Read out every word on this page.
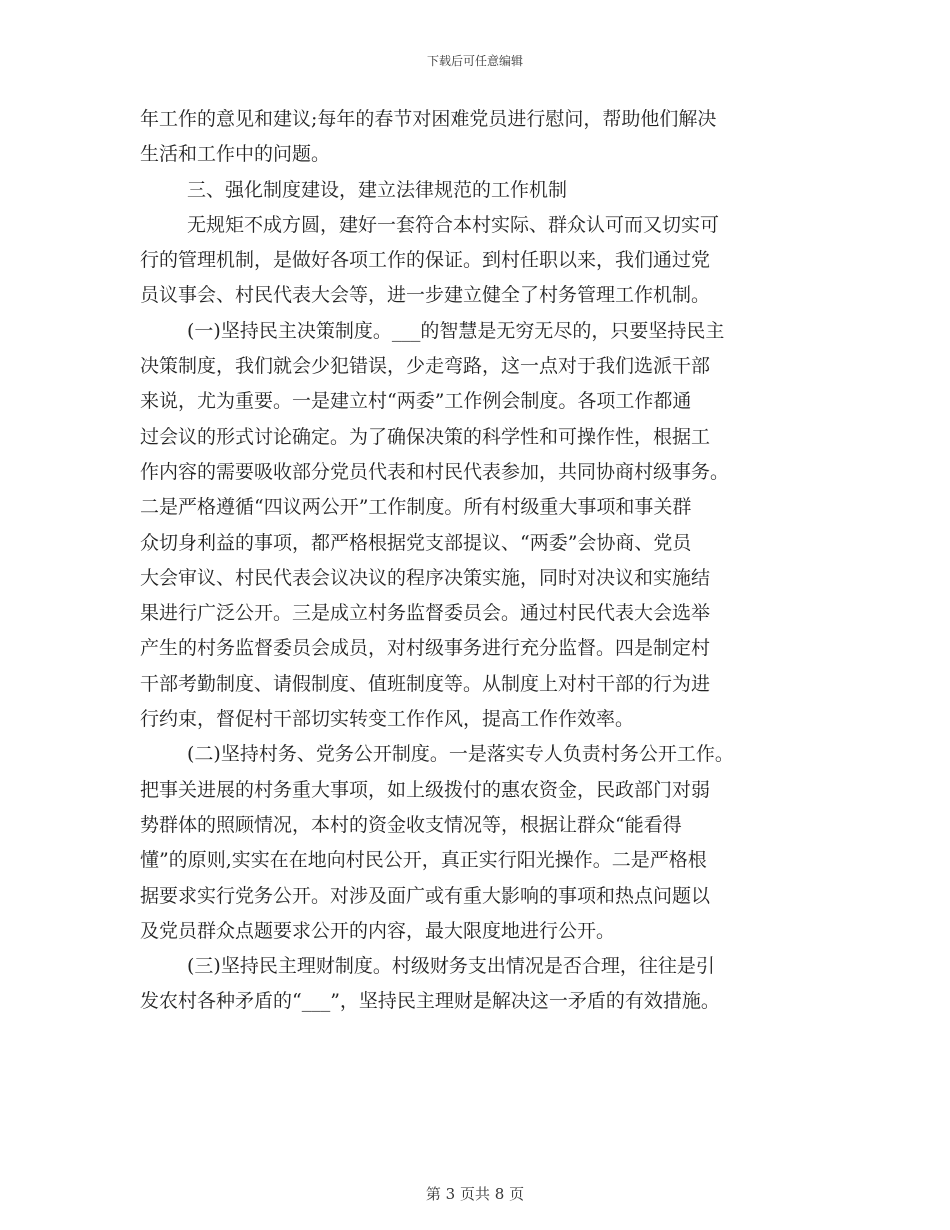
下载后可任意编辑
年工作的意见和建议;每年的春节对困难党员进行慰问，帮助他们解决
生活和工作中的问题。
三、强化制度建设，建立法律规范的工作机制
无规矩不成方圆，建好一套符合本村实际、群众认可而又切实可
行的管理机制，是做好各项工作的保证。到村任职以来，我们通过党
员议事会、村民代表大会等，进一步建立健全了村务管理工作机制。
(一)坚持民主决策制度。___的智慧是无穷无尽的，只要坚持民主
决策制度，我们就会少犯错误，少走弯路，这一点对于我们选派干部
来说，尤为重要。一是建立村“两委”工作例会制度。各项工作都通
过会议的形式讨论确定。为了确保决策的科学性和可操作性，根据工
作内容的需要吸收部分党员代表和村民代表参加，共同协商村级事务。
二是严格遵循“四议两公开”工作制度。所有村级重大事项和事关群
众切身利益的事项，都严格根据党支部提议、“两委”会协商、党员
大会审议、村民代表会议决议的程序决策实施，同时对决议和实施结
果进行广泛公开。三是成立村务监督委员会。通过村民代表大会选举
产生的村务监督委员会成员，对村级事务进行充分监督。四是制定村
干部考勤制度、请假制度、值班制度等。从制度上对村干部的行为进
行约束，督促村干部切实转变工作作风，提高工作作效率。
(二)坚持村务、党务公开制度。一是落实专人负责村务公开工作。
把事关进展的村务重大事项，如上级拨付的惠农资金，民政部门对弱
势群体的照顾情况，本村的资金收支情况等，根据让群众“能看得
懂”的原则,实实在在地向村民公开，真正实行阳光操作。二是严格根
据要求实行党务公开。对涉及面广或有重大影响的事项和热点问题以
及党员群众点题要求公开的内容，最大限度地进行公开。
(三)坚持民主理财制度。村级财务支出情况是否合理，往往是引
发农村各种矛盾的“___”，坚持民主理财是解决这一矛盾的有效措施。
第 3 页共 8 页
